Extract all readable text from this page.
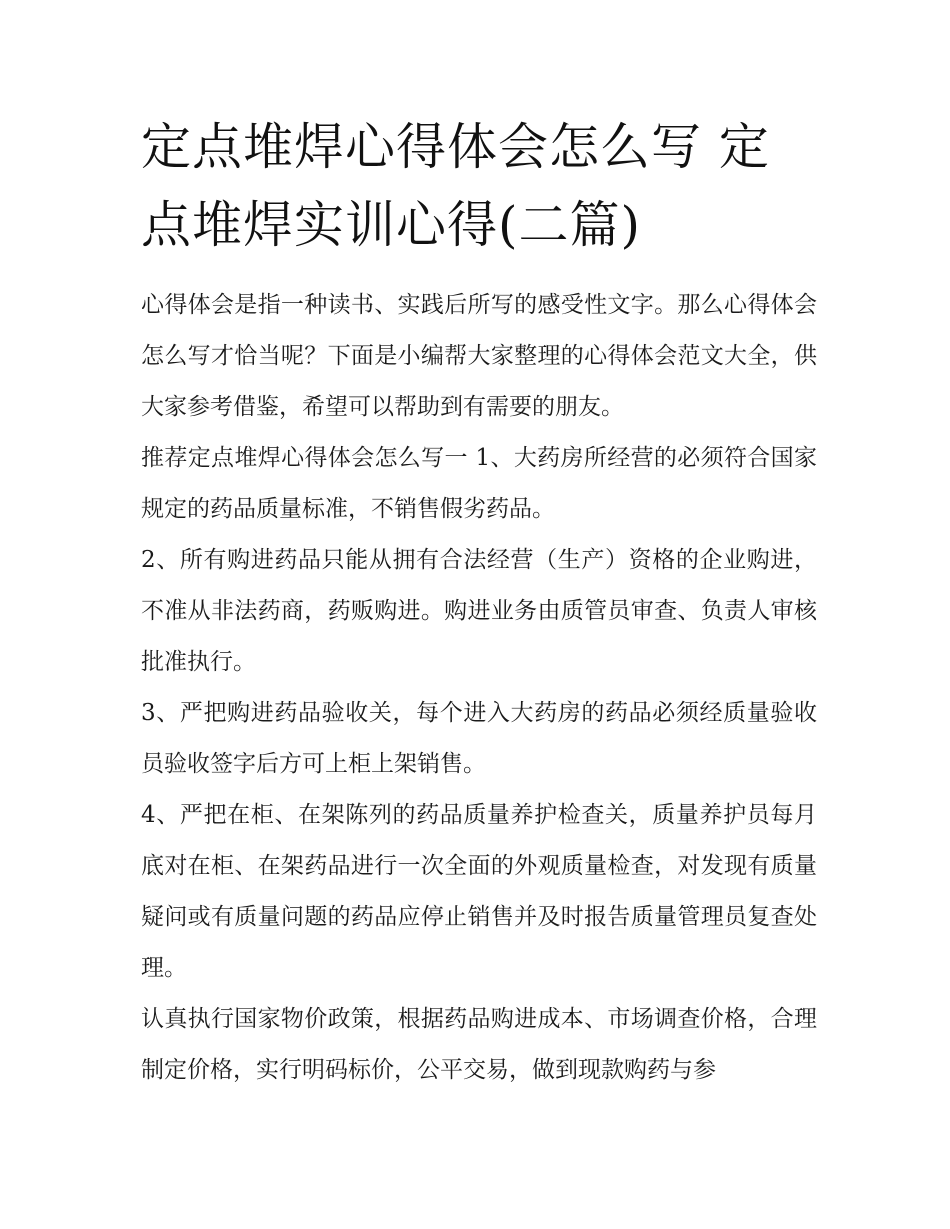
定点堆焊心得体会怎么写 定点堆焊实训心得(二篇)

心得体会是指一种读书、实践后所写的感受性文字。那么心得体会怎么写才恰当呢？下面是小编帮大家整理的心得体会范文大全，供大家参考借鉴，希望可以帮助到有需要的朋友。

推荐定点堆焊心得体会怎么写一 1、大药房所经营的必须符合国家规定的药品质量标准，不销售假劣药品。

2、所有购进药品只能从拥有合法经营（生产）资格的企业购进，不准从非法药商，药贩购进。购进业务由质管员审查、负责人审核批准执行。

3、严把购进药品验收关，每个进入大药房的药品必须经质量验收员验收签字后方可上柜上架销售。

4、严把在柜、在架陈列的药品质量养护检查关，质量养护员每月底对在柜、在架药品进行一次全面的外观质量检查，对发现有质量疑问或有质量问题的药品应停止销售并及时报告质量管理员复查处理。

认真执行国家物价政策，根据药品购进成本、市场调查价格，合理制定价格，实行明码标价，公平交易，做到现款购药与参
